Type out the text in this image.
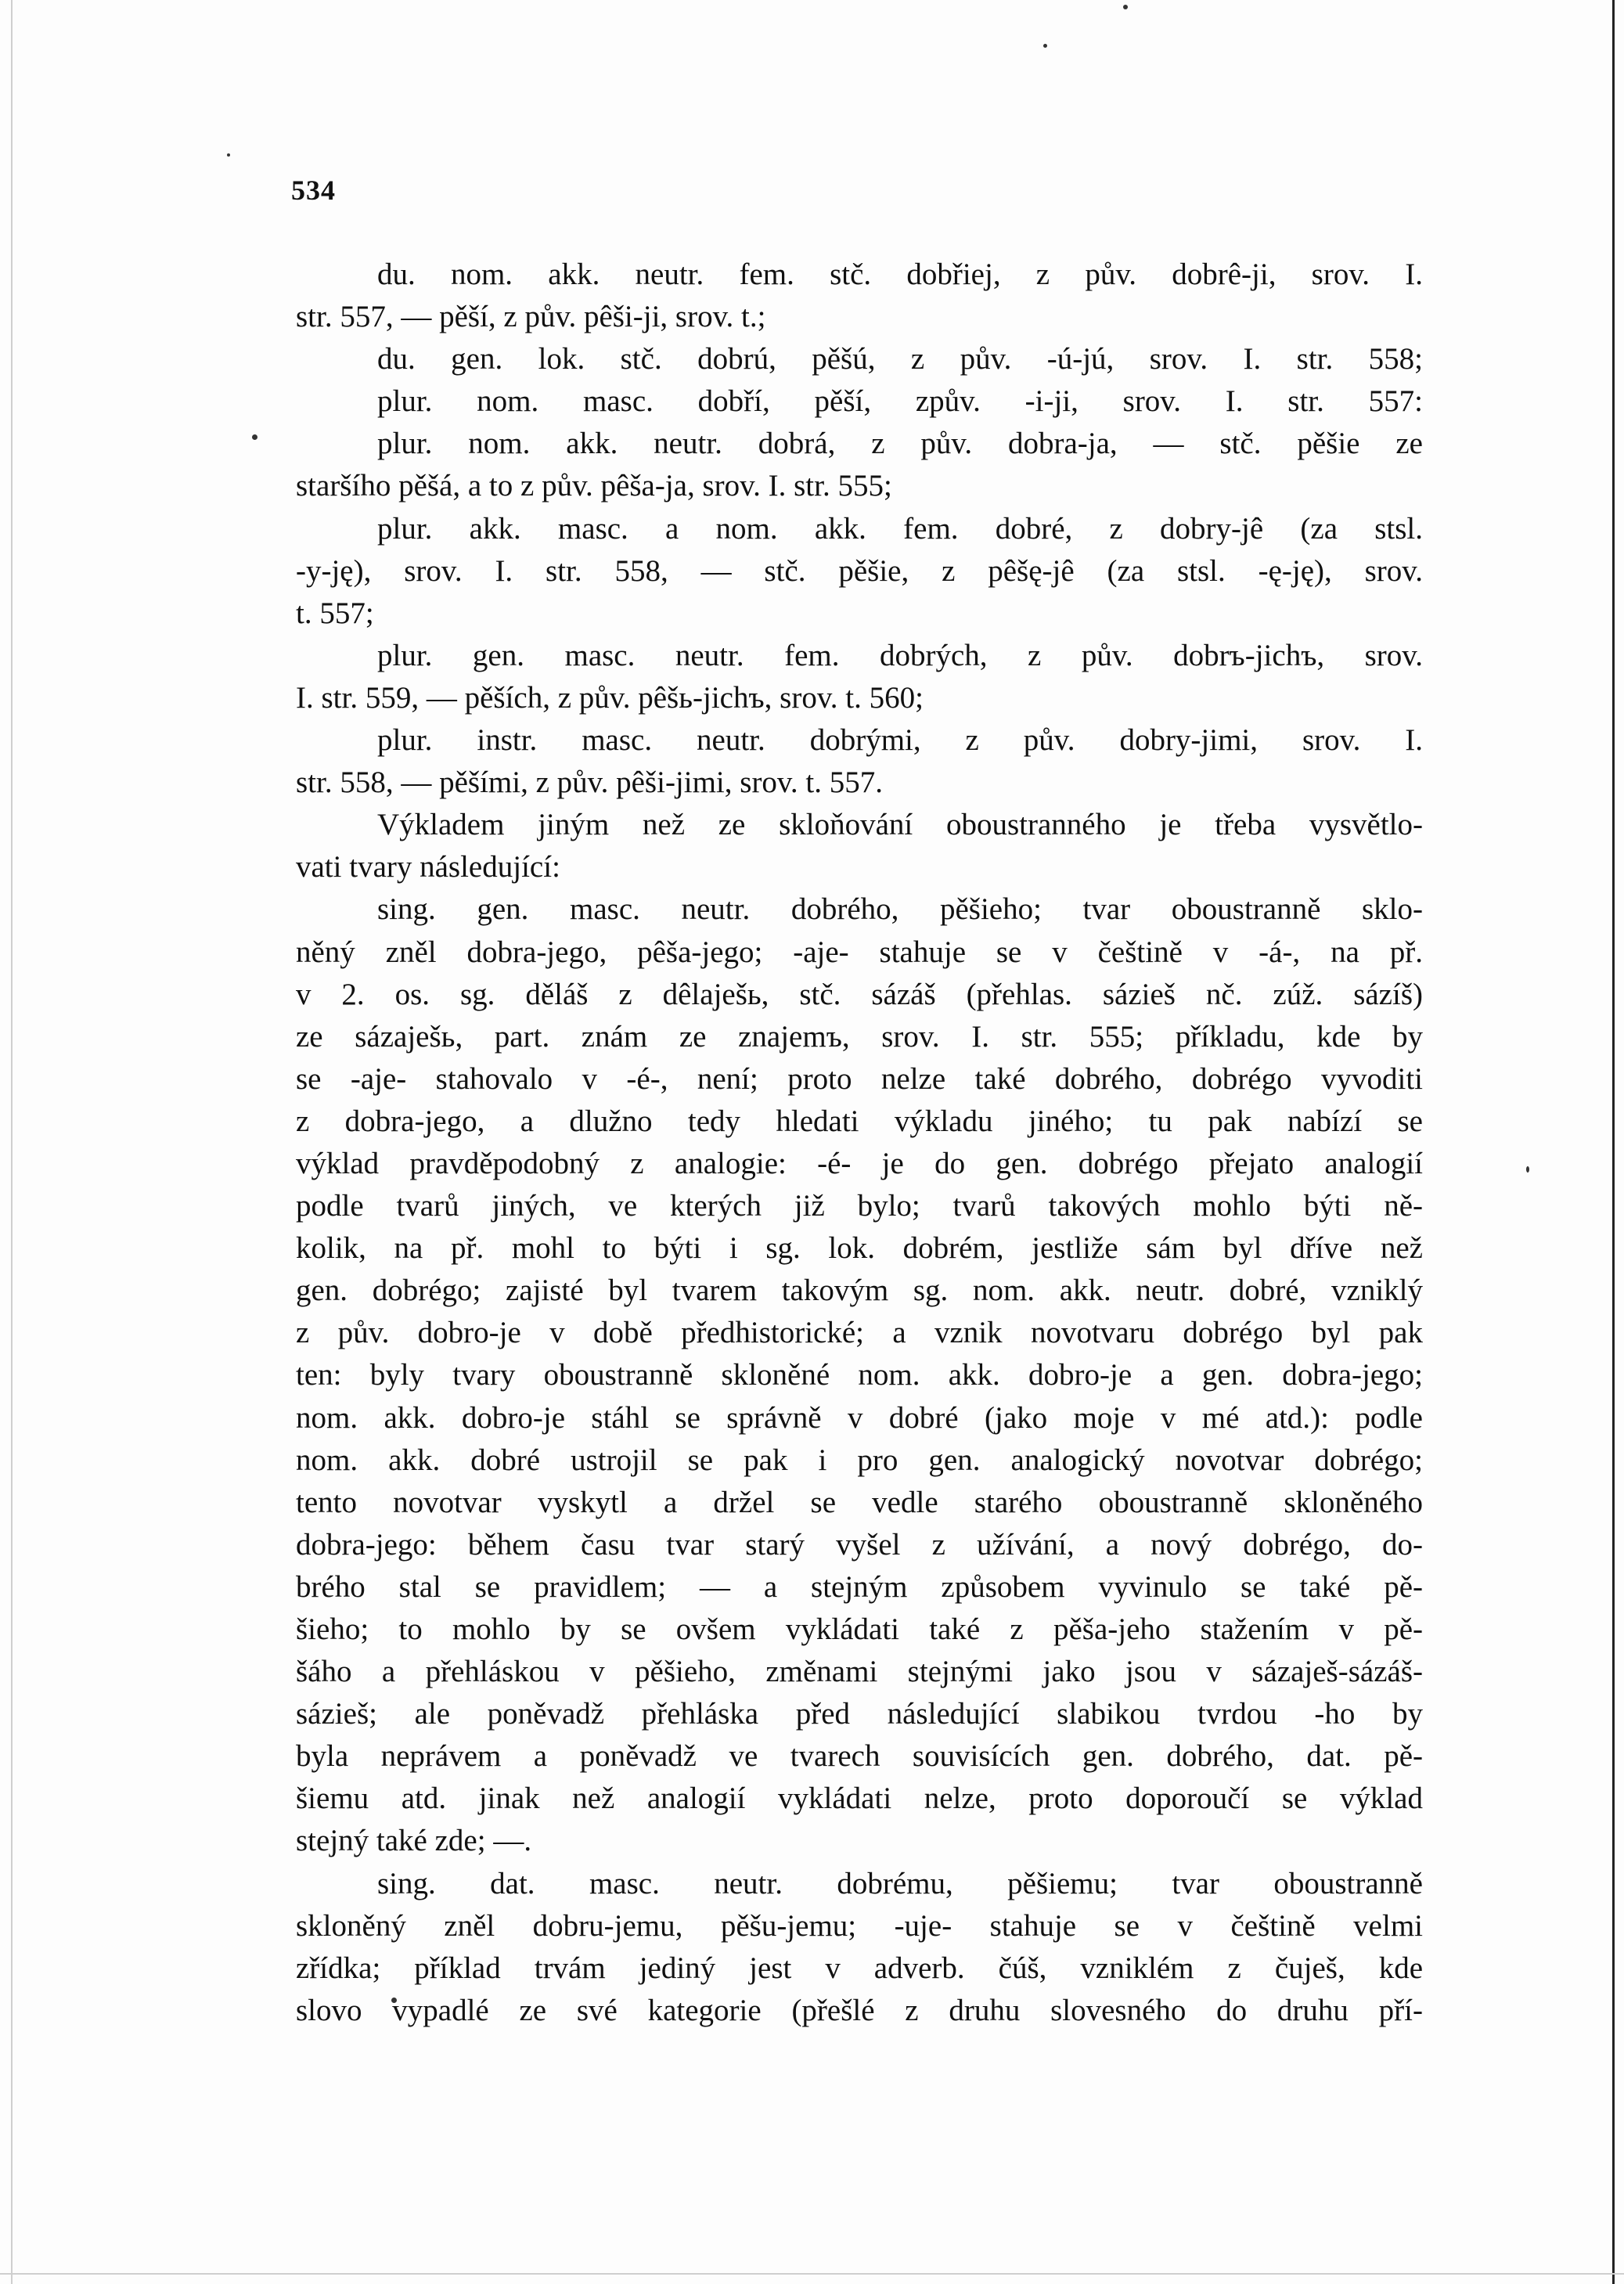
534
du. nom. akk. neutr. fem. stč. dobřiej, z pův. dobrê-ji, srov. I.
str. 557, — pěší, z pův. pêši-ji, srov. t.;
du. gen. lok. stč. dobrú, pěšú, z pův. -ú-jú, srov. I. str. 558;
plur. nom. masc. dobří, pěší, způv. -i-ji, srov. I. str. 557:
plur. nom. akk. neutr. dobrá, z pův. dobra-ja, — stč. pěšie ze
staršího pěšá, a to z pův. pêša-ja, srov. I. str. 555;
plur. akk. masc. a nom. akk. fem. dobré, z dobry-jê (za stsl.
-y-ję), srov. I. str. 558, — stč. pěšie, z pêšę-jê (za stsl. -ę-ję), srov.
t. 557;
plur. gen. masc. neutr. fem. dobrých, z pův. dobrъ-jichъ, srov.
I. str. 559, — pěších, z pův. pêšь-jichъ, srov. t. 560;
plur. instr. masc. neutr. dobrými, z pův. dobry-jimi, srov. I.
str. 558, — pěšími, z pův. pêši-jimi, srov. t. 557.
Výkladem jiným než ze skloňování oboustranného je třeba vysvětlo-
vati tvary následující:
sing. gen. masc. neutr. dobrého, pěšieho; tvar oboustranně sklo-
něný zněl dobra-jego, pêša-jego; -aje- stahuje se v češtině v -á-, na př.
v 2. os. sg. děláš z dêlaješь, stč. sázáš (přehlas. sázieš nč. zúž. sázíš)
ze sázaješь, part. znám ze znajemъ, srov. I. str. 555; příkladu, kde by
se -aje- stahovalo v -é-, není; proto nelze také dobrého, dobrégo vyvoditi
z dobra-jego, a dlužno tedy hledati výkladu jiného; tu pak nabízí se
výklad pravděpodobný z analogie: -é- je do gen. dobrégo přejato analogií
podle tvarů jiných, ve kterých již bylo; tvarů takových mohlo býti ně-
kolik, na př. mohl to býti i sg. lok. dobrém, jestliže sám byl dříve než
gen. dobrégo; zajisté byl tvarem takovým sg. nom. akk. neutr. dobré, vzniklý
z pův. dobro-je v době předhistorické; a vznik novotvaru dobrégo byl pak
ten: byly tvary oboustranně skloněné nom. akk. dobro-je a gen. dobra-jego;
nom. akk. dobro-je stáhl se správně v dobré (jako moje v mé atd.): podle
nom. akk. dobré ustrojil se pak i pro gen. analogický novotvar dobrégo;
tento novotvar vyskytl a držel se vedle starého oboustranně skloněného
dobra-jego: během času tvar starý vyšel z užívání, a nový dobrégo, do-
brého stal se pravidlem; — a stejným způsobem vyvinulo se také pě-
šieho; to mohlo by se ovšem vykládati také z pěša-jeho stažením v pě-
šáho a přehláskou v pěšieho, změnami stejnými jako jsou v sázaješ-sázáš-
sázieš; ale poněvadž přehláska před následující slabikou tvrdou -ho by
byla neprávem a poněvadž ve tvarech souvisících gen. dobrého, dat. pě-
šiemu atd. jinak než analogií vykládati nelze, proto doporoučí se výklad
stejný také zde; —.
sing. dat. masc. neutr. dobrému, pěšiemu; tvar oboustranně
skloněný zněl dobru-jemu, pěšu-jemu; -uje- stahuje se v češtině velmi
zřídka; příklad trvám jediný jest v adverb. čúš, vzniklém z čuješ, kde
slovo vypadlé ze své kategorie (přešlé z druhu slovesného do druhu pří-
